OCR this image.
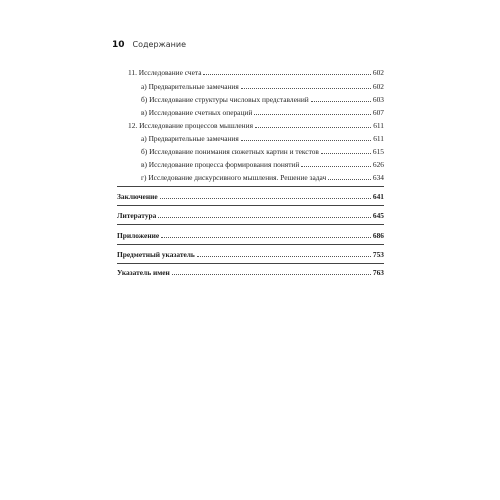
10 Содержание
11. Исследование счета	602
а) Предварительные замечания	602
б) Исследование структуры числовых представлений	603
в) Исследование счетных операций	607
12. Исследование процессов мышления	611
а) Предварительные замечания	611
б) Исследование понимания сюжетных картин и текстов	615
в) Исследование процесса формирования понятий	626
г) Исследование дискурсивного мышления. Решение задач	634
Заключение	641
Литература	645
Приложение	686
Предметный указатель	753
Указатель имен	763
